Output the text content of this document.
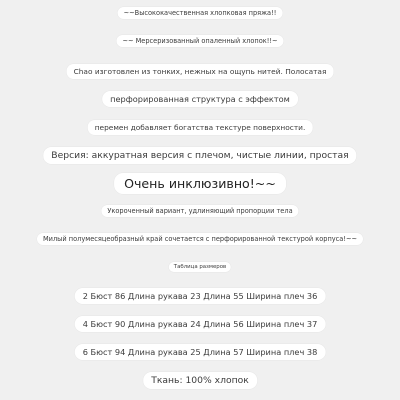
~~Высококачественная хлопковая пряжа!!
~~ Мерсеризованный опаленный хлопок!!~
Chao изготовлен из тонких, нежных на ощупь нитей. Полосатая
перфорированная структура с эффектом
перемен добавляет богатства текстуре поверхности.
Версия: аккуратная версия с плечом, чистые линии, простая
Очень инклюзивно!~~
Укороченный вариант, удлиняющий пропорции тела
Милый полумесяцеобразный край сочетается с перфорированной текстурой корпуса!~~
Таблица размеров
2 Бюст 86 Длина рукава 23 Длина 55 Ширина плеч 36
4 Бюст 90 Длина рукава 24 Длина 56 Ширина плеч 37
6 Бюст 94 Длина рукава 25 Длина 57 Ширина плеч 38
Ткань: 100% хлопок
